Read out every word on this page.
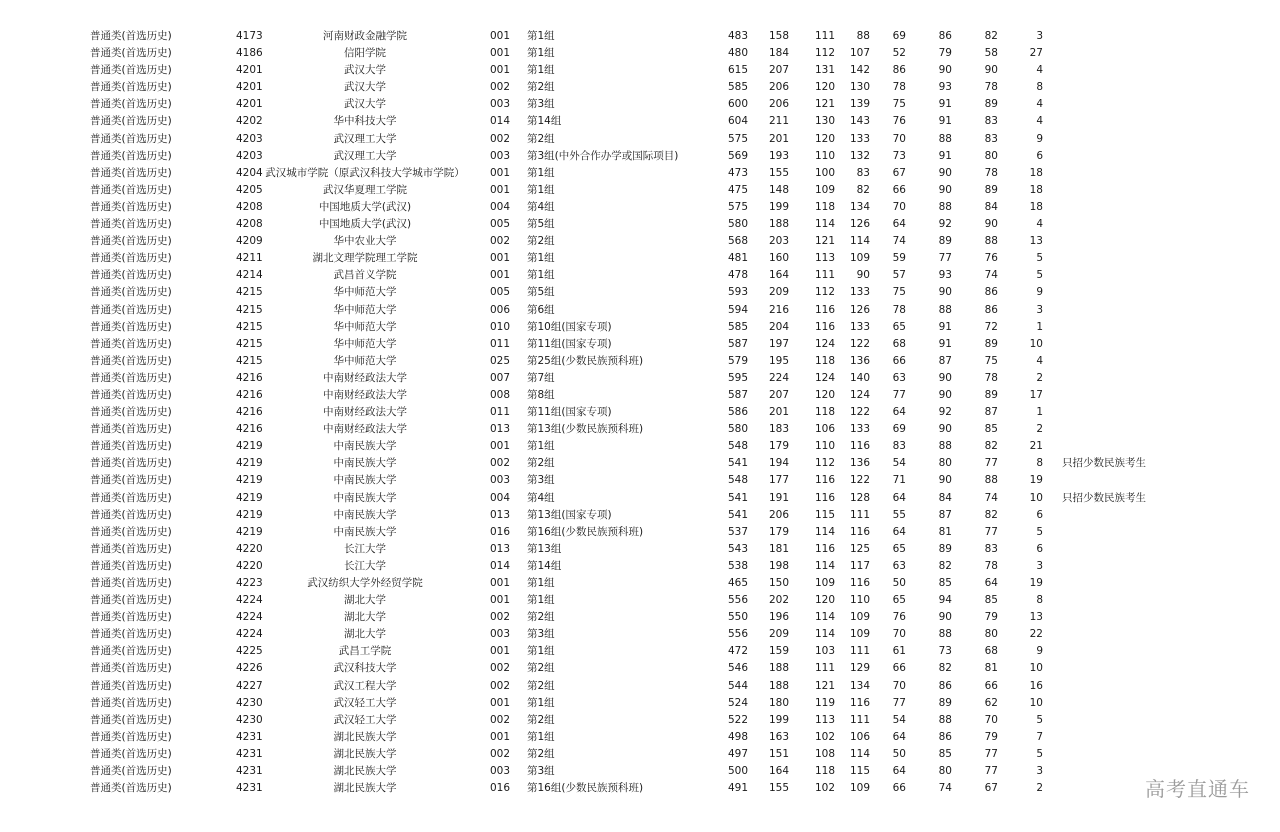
普通类(首选历史)	4173	河南财政金融学院	001 第1组	483	158	111	88	69	86	82	3
普通类(首选历史)	4186	信阳学院	001 第1组	480	184	112	107	52	79	58	27
普通类(首选历史)	4201	武汉大学	001 第1组	615	207	131	142	86	90	90	4
普通类(首选历史)	4201	武汉大学	002 第2组	585	206	120	130	78	93	78	8
普通类(首选历史)	4201	武汉大学	003 第3组	600	206	121	139	75	91	89	4
普通类(首选历史)	4202	华中科技大学	014 第14组	604	211	130	143	76	91	83	4
普通类(首选历史)	4203	武汉理工大学	002 第2组	575	201	120	133	70	88	83	9
普通类(首选历史)	4203	武汉理工大学	003 第3组(中外合作办学或国际项目)	569	193	110	132	73	91	80	6
普通类(首选历史)	4204 武汉城市学院（原武汉科技大学城市学院）	001 第1组	473	155	100	83	67	90	78	18
普通类(首选历史)	4205	武汉华夏理工学院	001 第1组	475	148	109	82	66	90	89	18
普通类(首选历史)	4208	中国地质大学(武汉)	004 第4组	575	199	118	134	70	88	84	18
普通类(首选历史)	4208	中国地质大学(武汉)	005 第5组	580	188	114	126	64	92	90	4
普通类(首选历史)	4209	华中农业大学	002 第2组	568	203	121	114	74	89	88	13
普通类(首选历史)	4211	湖北文理学院理工学院	001 第1组	481	160	113	109	59	77	76	5
普通类(首选历史)	4214	武昌首义学院	001 第1组	478	164	111	90	57	93	74	5
普通类(首选历史)	4215	华中师范大学	005 第5组	593	209	112	133	75	90	86	9
普通类(首选历史)	4215	华中师范大学	006 第6组	594	216	116	126	78	88	86	3
普通类(首选历史)	4215	华中师范大学	010 第10组(国家专项)	585	204	116	133	65	91	72	1
普通类(首选历史)	4215	华中师范大学	011 第11组(国家专项)	587	197	124	122	68	91	89	10
普通类(首选历史)	4215	华中师范大学	025 第25组(少数民族预科班)	579	195	118	136	66	87	75	4
普通类(首选历史)	4216	中南财经政法大学	007 第7组	595	224	124	140	63	90	78	2
普通类(首选历史)	4216	中南财经政法大学	008 第8组	587	207	120	124	77	90	89	17
普通类(首选历史)	4216	中南财经政法大学	011 第11组(国家专项)	586	201	118	122	64	92	87	1
普通类(首选历史)	4216	中南财经政法大学	013 第13组(少数民族预科班)	580	183	106	133	69	90	85	2
普通类(首选历史)	4219	中南民族大学	001 第1组	548	179	110	116	83	88	82	21
普通类(首选历史)	4219	中南民族大学	002 第2组	541	194	112	136	54	80	77	8 只招少数民族考生
普通类(首选历史)	4219	中南民族大学	003 第3组	548	177	116	122	71	90	88	19
普通类(首选历史)	4219	中南民族大学	004 第4组	541	191	116	128	64	84	74	10 只招少数民族考生
普通类(首选历史)	4219	中南民族大学	013 第13组(国家专项)	541	206	115	111	55	87	82	6
普通类(首选历史)	4219	中南民族大学	016 第16组(少数民族预科班)	537	179	114	116	64	81	77	5
普通类(首选历史)	4220	长江大学	013 第13组	543	181	116	125	65	89	83	6
普通类(首选历史)	4220	长江大学	014 第14组	538	198	114	117	63	82	78	3
普通类(首选历史)	4223	武汉纺织大学外经贸学院	001 第1组	465	150	109	116	50	85	64	19
普通类(首选历史)	4224	湖北大学	001 第1组	556	202	120	110	65	94	85	8
普通类(首选历史)	4224	湖北大学	002 第2组	550	196	114	109	76	90	79	13
普通类(首选历史)	4224	湖北大学	003 第3组	556	209	114	109	70	88	80	22
普通类(首选历史)	4225	武昌工学院	001 第1组	472	159	103	111	61	73	68	9
普通类(首选历史)	4226	武汉科技大学	002 第2组	546	188	111	129	66	82	81	10
普通类(首选历史)	4227	武汉工程大学	002 第2组	544	188	121	134	70	86	66	16
普通类(首选历史)	4230	武汉轻工大学	001 第1组	524	180	119	116	77	89	62	10
普通类(首选历史)	4230	武汉轻工大学	002 第2组	522	199	113	111	54	88	70	5
普通类(首选历史)	4231	湖北民族大学	001 第1组	498	163	102	106	64	86	79	7
普通类(首选历史)	4231	湖北民族大学	002 第2组	497	151	108	114	50	85	77	5
普通类(首选历史)	4231	湖北民族大学	003 第3组	500	164	118	115	64	80	77	3
普通类(首选历史)	4231	湖北民族大学	016 第16组(少数民族预科班)	491	155	102	109	66	74	67	2	高考直通车
